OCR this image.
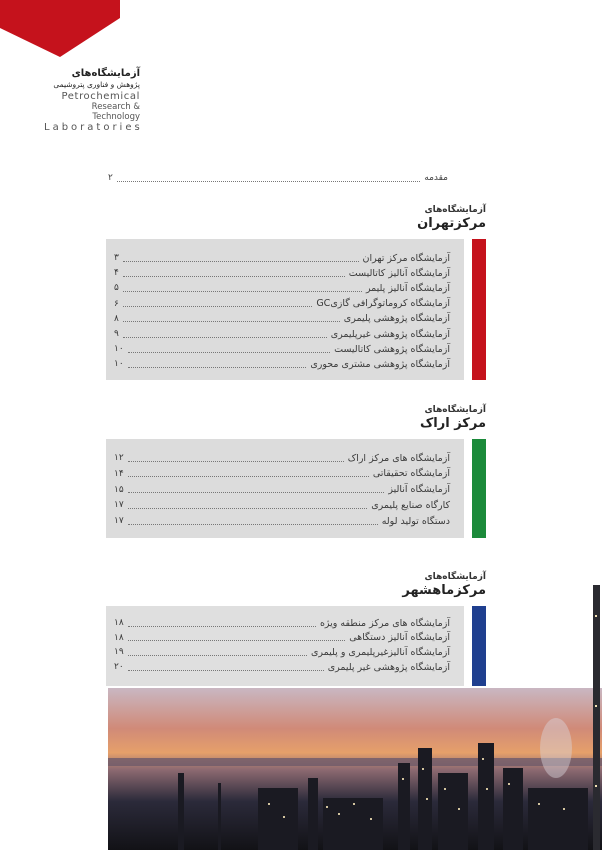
آزمایشگاه‌های
پژوهش و فناوری پتروشیمی
Petrochemical
Research & Technology
Laboratories
مقدمه
۲
آزمایشگاه‌های
مرکزتهران
آزمایشگاه مرکز تهران
۳
آزمایشگاه آنالیز کاتالیست
۴
آزمایشگاه آنالیز پلیمر
۵
آزمایشگاه کروماتوگرافی گازیGC
۶
آزمایشگاه پژوهشی پلیمری
۸
آزمایشگاه پژوهشی غیرپلیمری
۹
آزمایشگاه پژوهشی کاتالیست
۱۰
آزمایشگاه پژوهشی مشتری محوری
۱۰
آزمایشگاه‌های
مرکز اراک
آزمایشگاه های مرکز اراک
۱۲
آزمایشگاه تحقیقاتی
۱۴
آزمایشگاه آنالیز
۱۵
کارگاه صنایع پلیمری
۱۷
دستگاه تولید لوله
۱۷
آزمایشگاه‌های
مرکزماهشهر
آزمایشگاه های مرکز منطقه ویژه
۱۸
آزمایشگاه آنالیز دستگاهی
۱۸
آزمایشگاه آنالیزغیرپلیمری و پلیمری
۱۹
آزمایشگاه پژوهشی غیر پلیمری
۲۰
